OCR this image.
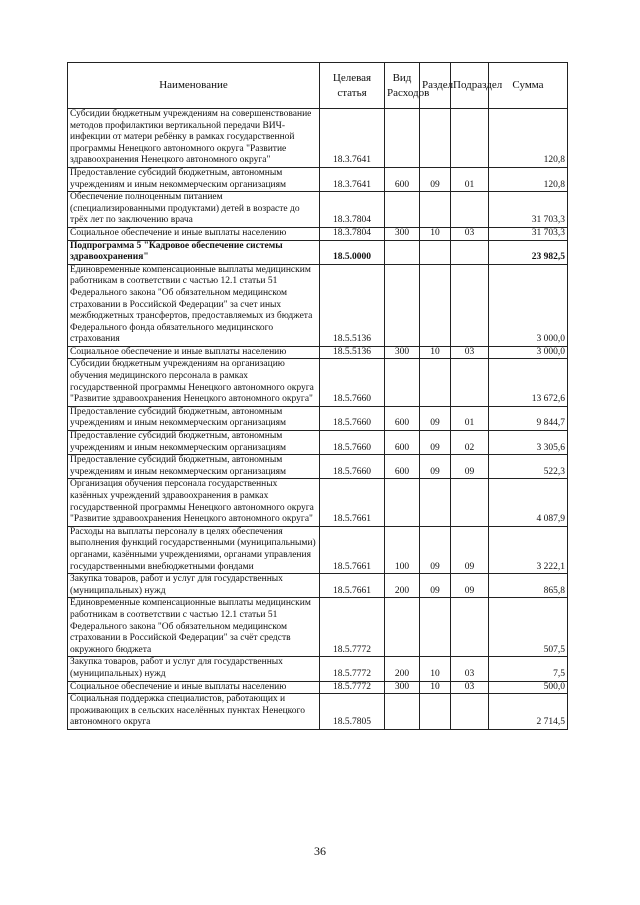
Наименование	Целевая статья	Вид Расходов	Раздел	Подраздел	Сумма
Субсидии бюджетным учреждениям на совершенствование методов профилактики вертикальной передачи ВИЧ-инфекции от матери ребёнку в рамках государственной программы Ненецкого автономного округа "Развитие здравоохранения Ненецкого автономного округа"	18.3.7641				120,8
Предоставление субсидий бюджетным, автономным учреждениям и иным некоммерческим организациям	18.3.7641	600	09	01	120,8
Обеспечение полноценным питанием (специализированными продуктами) детей в возрасте до трёх лет по заключению врача	18.3.7804				31 703,3
Социальное обеспечение и иные выплаты населению	18.3.7804	300	10	03	31 703,3
Подпрограмма 5 "Кадровое обеспечение системы здравоохранения"	18.5.0000				23 982,5
Единовременные компенсационные выплаты медицинским работникам в соответствии с частью 12.1 статьи 51 Федерального закона "Об обязательном медицинском страховании в Российской Федерации" за счет иных межбюджетных трансфертов, предоставляемых из бюджета Федерального фонда обязательного медицинского страхования	18.5.5136				3 000,0
Социальное обеспечение и иные выплаты населению	18.5.5136	300	10	03	3 000,0
Субсидии бюджетным учреждениям на организацию обучения медицинского персонала в рамках государственной программы Ненецкого автономного округа "Развитие здравоохранения Ненецкого автономного округа"	18.5.7660				13 672,6
Предоставление субсидий бюджетным, автономным учреждениям и иным некоммерческим организациям	18.5.7660	600	09	01	9 844,7
Предоставление субсидий бюджетным, автономным учреждениям и иным некоммерческим организациям	18.5.7660	600	09	02	3 305,6
Предоставление субсидий бюджетным, автономным учреждениям и иным некоммерческим организациям	18.5.7660	600	09	09	522,3
Организация обучения персонала государственных казённых учреждений здравоохранения в рамках государственной программы Ненецкого автономного округа "Развитие здравоохранения Ненецкого автономного округа"	18.5.7661				4 087,9
Расходы на выплаты персоналу в целях обеспечения выполнения функций государственными (муниципальными) органами, казёнными учреждениями, органами управления государственными внебюджетными фондами	18.5.7661	100	09	09	3 222,1
Закупка товаров, работ и услуг для государственных (муниципальных) нужд	18.5.7661	200	09	09	865,8
Единовременные компенсационные выплаты медицинским работникам в соответствии с частью 12.1 статьи 51 Федерального закона "Об обязательном медицинском страховании в Российской Федерации" за счёт средств окружного бюджета	18.5.7772				507,5
Закупка товаров, работ и услуг для государственных (муниципальных) нужд	18.5.7772	200	10	03	7,5
Социальное обеспечение и иные выплаты населению	18.5.7772	300	10	03	500,0
Социальная поддержка специалистов, работающих и проживающих в сельских населённых пунктах Ненецкого автономного округа	18.5.7805				2 714,5
36
